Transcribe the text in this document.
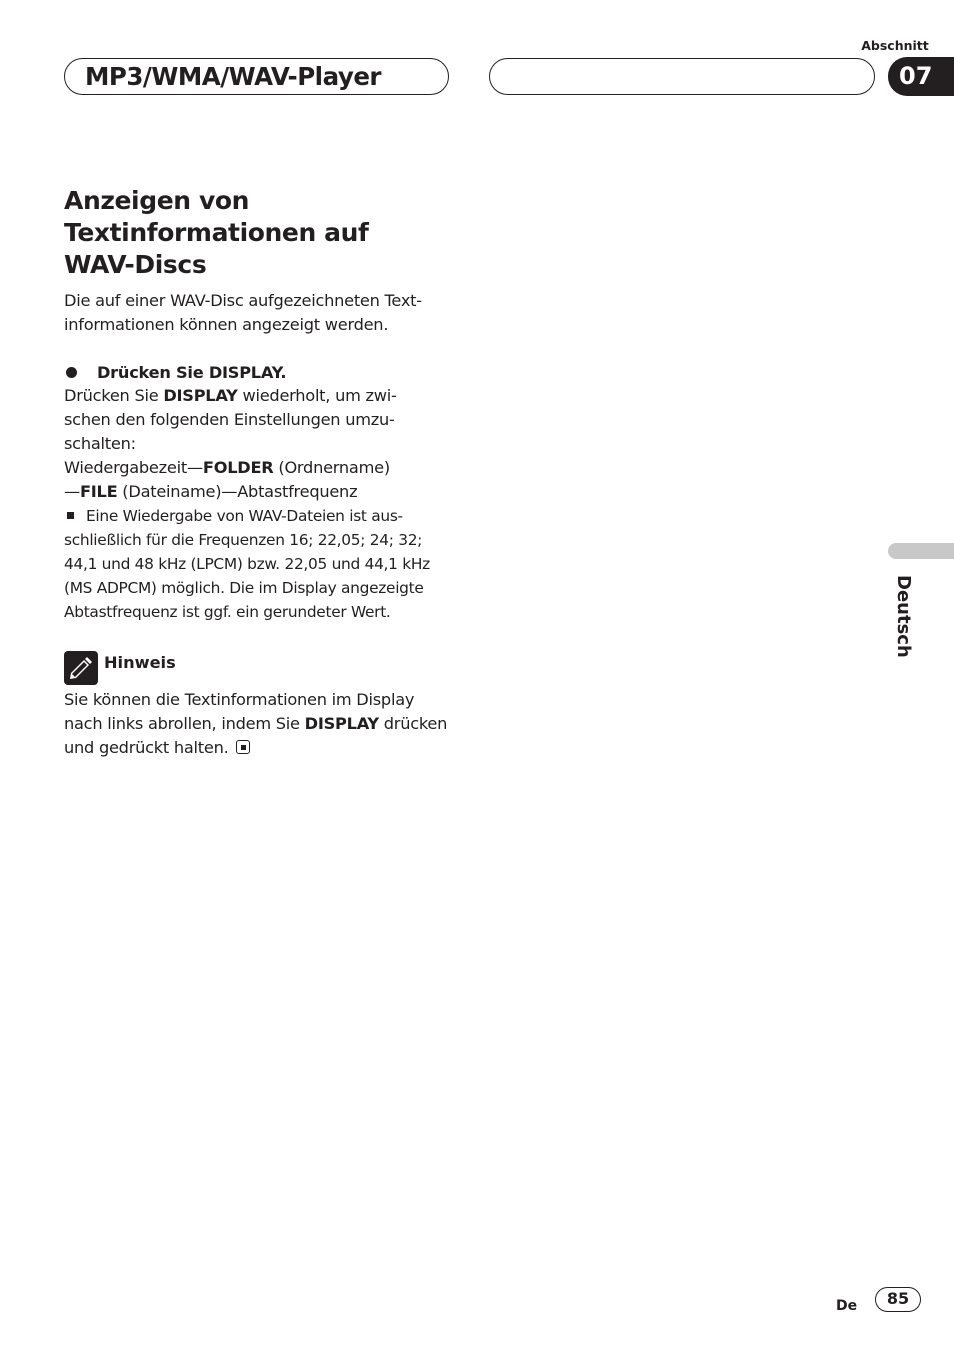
MP3/WMA/WAV-Player
Abschnitt
07
Deutsch
Anzeigen von
Textinformationen auf
WAV-Discs
Die auf einer WAV-Disc aufgezeichneten Text-
informationen können angezeigt werden.
Drücken Sie DISPLAY.
Drücken Sie DISPLAY wiederholt, um zwi-
schen den folgenden Einstellungen umzu-
schalten:
Wiedergabezeit—FOLDER (Ordnername)
—FILE (Dateiname)—Abtastfrequenz
Eine Wiedergabe von WAV-Dateien ist aus-
schließlich für die Frequenzen 16; 22,05; 24; 32;
44,1 und 48 kHz (LPCM) bzw. 22,05 und 44,1 kHz
(MS ADPCM) möglich. Die im Display angezeigte
Abtastfrequenz ist ggf. ein gerundeter Wert.
Hinweis
Sie können die Textinformationen im Display
nach links abrollen, indem Sie DISPLAY drücken
und gedrückt halten.
De	85
